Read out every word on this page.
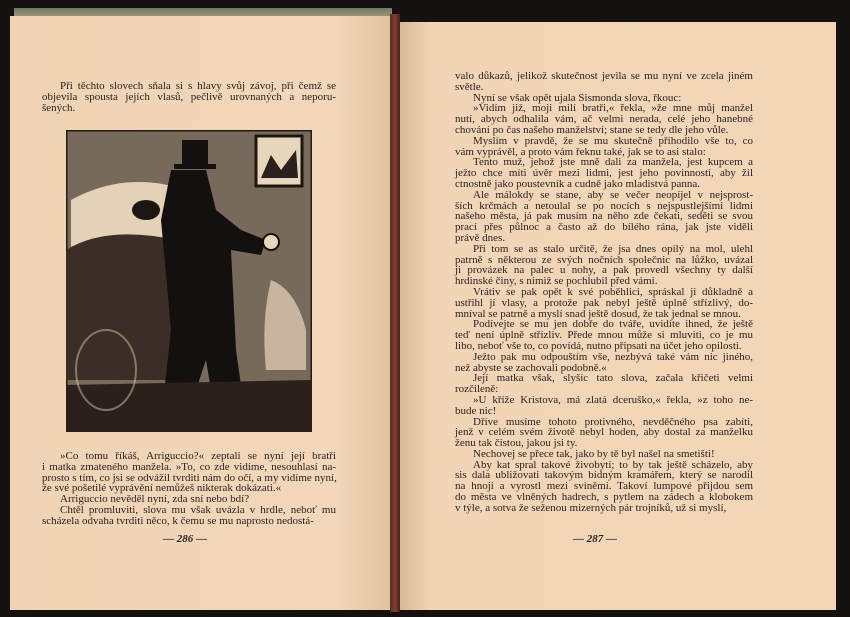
Při těchto slovech sňala si s hlavy svůj závoj, při čemž se
objevila spousta jejích vlasů, pečlivě urovnaných a neporu-
šených.
»Co tomu říkáš, Arriguccio?« zeptali se nyní její bratři
i matka zmateného manžela. »To, co zde vidíme, nesouhlasí na-
prosto s tím, co jsi se odvážil tvrditi nám do očí, a my vidíme nyní,
že své pošetilé vyprávění nemůžeš nikterak dokázati.«
Arriguccio nevěděl nyní, zda sní nebo bdí?
Chtěl promluviti, slova mu však uvázla v hrdle, neboť mu
scházela odvaha tvrditi něco, k čemu se mu naprosto nedostá-
— 286 —
valo důkazů, jelikož skutečnost jevila se mu nyní ve zcela jiném
světle.
Nyní se však opět ujala Sismonda slova, řkouc:
»Vidím již, moji milí bratři,« řekla, »že mne můj manžel
nutí, abych odhalila vám, ač velmi nerada, celé jeho hanebné
chování po čas našeho manželství; stane se tedy dle jeho vůle.
Myslím v pravdě, že se mu skutečně přihodilo vše to, co
vám vyprávěl, a proto vám řeknu také, jak se to asi stalo:
Tento muž, jehož jste mně dali za manžela, jest kupcem a
ježto chce míti úvěr mezi lidmi, jest jeho povinností, aby žil
ctnostně jako poustevník a cudně jako mladistvá panna.
Ale málokdy se stane, aby se večer neopíjel v nejsprost-
ších krčmách a netoulal se po nocích s nejspustlejšími lidmi
našeho města, já pak musím na něho zde čekati, seděti se svou
prací přes půlnoc a často až do bílého rána, jak jste viděli
právě dnes.
Při tom se as stalo určitě, že jsa dnes opilý na mol, ulehl
patrně s některou ze svých nočních společnic na lůžko, uvázal
ji provázek na palec u nohy, a pak provedl všechny ty další
hrdinské činy, s nimiž se pochlubil před vámi.
Vrátiv se pak opět k své poběhlici, spráskal ji důkladně a
ustřihl jí vlasy, a protože pak nebyl ještě úplně střízlivý, do-
mníval se patrně a myslí snad ještě dosud, že tak jednal se mnou.
Podívejte se mu jen dobře do tváře, uvidíte ihned, že ještě
teď není úplně střízliv. Přede mnou může si mluviti, co je mu
libo, neboť vše to, co povídá, nutno připsati na účet jeho opilosti.
Ježto pak mu odpouštím vše, nezbývá také vám nic jiného,
než abyste se zachovali podobně.«
Její matka však, slyšíc tato slova, začala křičeti velmi
rozčileně:
»U kříže Kristova, má zlatá dceruško,« řekla, »z toho ne-
bude nic!
Dříve musíme tohoto protivného, nevděčného psa zabíti,
jenž v celém svém životě nebyl hoden, aby dostal za manželku
ženu tak čistou, jakou jsi ty.
Nechovej se přece tak, jako by tě byl našel na smetišti!
Aby kat spral takové živobytí; to by tak ještě scházelo, aby
sis dala ubližovati takovým bídným kramářem, který se narodil
na hnoji a vyrostl mezi sviněmi. Takoví lumpové přijdou sem
do města ve vlněných hadrech, s pytlem na zádech a klobokem
v týle, a sotva že seženou mizerných pár trojníků, už si myslí,
— 287 —
